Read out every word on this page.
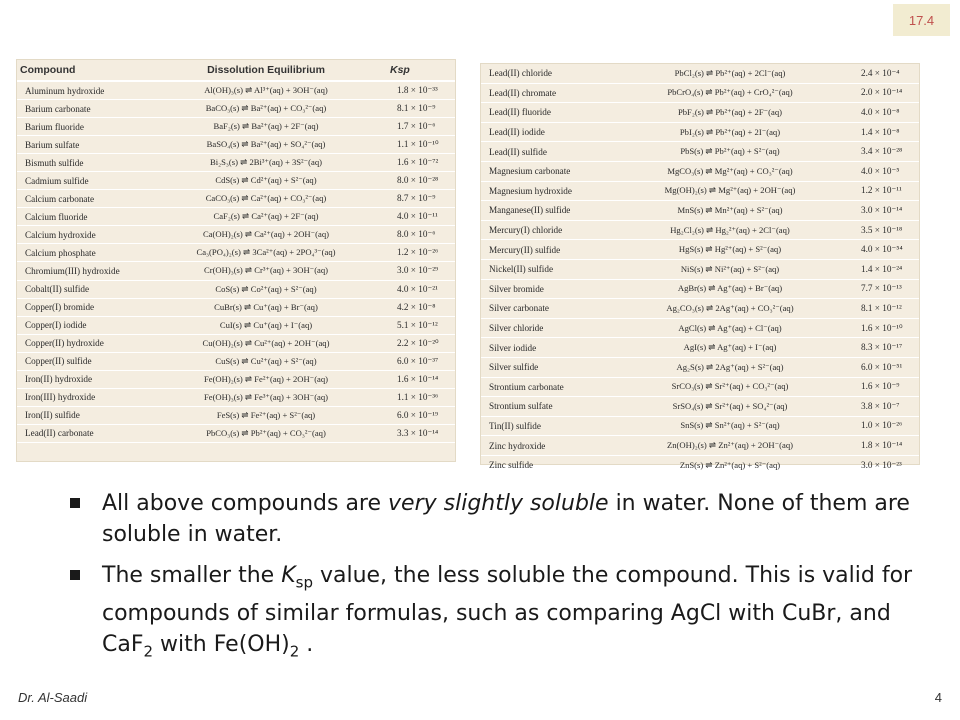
17.4
Compound	Dissolution Equilibrium	Ksp
Aluminum hydroxide	Al(OH)₃(s) ⇌ Al³⁺(aq) + 3OH⁻(aq)	1.8 × 10⁻³³
Barium carbonate	BaCO₃(s) ⇌ Ba²⁺(aq) + CO₃²⁻(aq)	8.1 × 10⁻⁹
Barium fluoride	BaF₂(s) ⇌ Ba²⁺(aq) + 2F⁻(aq)	1.7 × 10⁻⁶
Barium sulfate	BaSO₄(s) ⇌ Ba²⁺(aq) + SO₄²⁻(aq)	1.1 × 10⁻¹⁰
Bismuth sulfide	Bi₂S₃(s) ⇌ 2Bi³⁺(aq) + 3S²⁻(aq)	1.6 × 10⁻⁷²
Cadmium sulfide	CdS(s) ⇌ Cd²⁺(aq) + S²⁻(aq)	8.0 × 10⁻²⁸
Calcium carbonate	CaCO₃(s) ⇌ Ca²⁺(aq) + CO₃²⁻(aq)	8.7 × 10⁻⁹
Calcium fluoride	CaF₂(s) ⇌ Ca²⁺(aq) + 2F⁻(aq)	4.0 × 10⁻¹¹
Calcium hydroxide	Ca(OH)₂(s) ⇌ Ca²⁺(aq) + 2OH⁻(aq)	8.0 × 10⁻⁶
Calcium phosphate	Ca₃(PO₄)₂(s) ⇌ 3Ca²⁺(aq) + 2PO₄³⁻(aq)	1.2 × 10⁻²⁶
Chromium(III) hydroxide	Cr(OH)₃(s) ⇌ Cr³⁺(aq) + 3OH⁻(aq)	3.0 × 10⁻²⁹
Cobalt(II) sulfide	CoS(s) ⇌ Co²⁺(aq) + S²⁻(aq)	4.0 × 10⁻²¹
Copper(I) bromide	CuBr(s) ⇌ Cu⁺(aq) + Br⁻(aq)	4.2 × 10⁻⁸
Copper(I) iodide	CuI(s) ⇌ Cu⁺(aq) + I⁻(aq)	5.1 × 10⁻¹²
Copper(II) hydroxide	Cu(OH)₂(s) ⇌ Cu²⁺(aq) + 2OH⁻(aq)	2.2 × 10⁻²⁰
Copper(II) sulfide	CuS(s) ⇌ Cu²⁺(aq) + S²⁻(aq)	6.0 × 10⁻³⁷
Iron(II) hydroxide	Fe(OH)₂(s) ⇌ Fe²⁺(aq) + 2OH⁻(aq)	1.6 × 10⁻¹⁴
Iron(III) hydroxide	Fe(OH)₃(s) ⇌ Fe³⁺(aq) + 3OH⁻(aq)	1.1 × 10⁻³⁶
Iron(II) sulfide	FeS(s) ⇌ Fe²⁺(aq) + S²⁻(aq)	6.0 × 10⁻¹⁹
Lead(II) carbonate	PbCO₃(s) ⇌ Pb²⁺(aq) + CO₃²⁻(aq)	3.3 × 10⁻¹⁴
Lead(II) chloride	PbCl₂(s) ⇌ Pb²⁺(aq) + 2Cl⁻(aq)	2.4 × 10⁻⁴
Lead(II) chromate	PbCrO₄(s) ⇌ Pb²⁺(aq) + CrO₄²⁻(aq)	2.0 × 10⁻¹⁴
Lead(II) fluoride	PbF₂(s) ⇌ Pb²⁺(aq) + 2F⁻(aq)	4.0 × 10⁻⁸
Lead(II) iodide	PbI₂(s) ⇌ Pb²⁺(aq) + 2I⁻(aq)	1.4 × 10⁻⁸
Lead(II) sulfide	PbS(s) ⇌ Pb²⁺(aq) + S²⁻(aq)	3.4 × 10⁻²⁸
Magnesium carbonate	MgCO₃(s) ⇌ Mg²⁺(aq) + CO₃²⁻(aq)	4.0 × 10⁻⁵
Magnesium hydroxide	Mg(OH)₂(s) ⇌ Mg²⁺(aq) + 2OH⁻(aq)	1.2 × 10⁻¹¹
Manganese(II) sulfide	MnS(s) ⇌ Mn²⁺(aq) + S²⁻(aq)	3.0 × 10⁻¹⁴
Mercury(I) chloride	Hg₂Cl₂(s) ⇌ Hg₂²⁺(aq) + 2Cl⁻(aq)	3.5 × 10⁻¹⁸
Mercury(II) sulfide	HgS(s) ⇌ Hg²⁺(aq) + S²⁻(aq)	4.0 × 10⁻⁵⁴
Nickel(II) sulfide	NiS(s) ⇌ Ni²⁺(aq) + S²⁻(aq)	1.4 × 10⁻²⁴
Silver bromide	AgBr(s) ⇌ Ag⁺(aq) + Br⁻(aq)	7.7 × 10⁻¹³
Silver carbonate	Ag₂CO₃(s) ⇌ 2Ag⁺(aq) + CO₃²⁻(aq)	8.1 × 10⁻¹²
Silver chloride	AgCl(s) ⇌ Ag⁺(aq) + Cl⁻(aq)	1.6 × 10⁻¹⁰
Silver iodide	AgI(s) ⇌ Ag⁺(aq) + I⁻(aq)	8.3 × 10⁻¹⁷
Silver sulfide	Ag₂S(s) ⇌ 2Ag⁺(aq) + S²⁻(aq)	6.0 × 10⁻⁵¹
Strontium carbonate	SrCO₃(s) ⇌ Sr²⁺(aq) + CO₃²⁻(aq)	1.6 × 10⁻⁹
Strontium sulfate	SrSO₄(s) ⇌ Sr²⁺(aq) + SO₄²⁻(aq)	3.8 × 10⁻⁷
Tin(II) sulfide	SnS(s) ⇌ Sn²⁺(aq) + S²⁻(aq)	1.0 × 10⁻²⁶
Zinc hydroxide	Zn(OH)₂(s) ⇌ Zn²⁺(aq) + 2OH⁻(aq)	1.8 × 10⁻¹⁴
Zinc sulfide	ZnS(s) ⇌ Zn²⁺(aq) + S²⁻(aq)	3.0 × 10⁻²³
All above compounds are very slightly soluble in water. None of them are soluble in water.
The smaller the $K_{sp}$ value, the less soluble the compound. This is valid for compounds of similar formulas, such as comparing AgCl with CuBr, and CaF$_2$ with $Fe(OH)_2$ .
Dr. Al-Saadi	4
